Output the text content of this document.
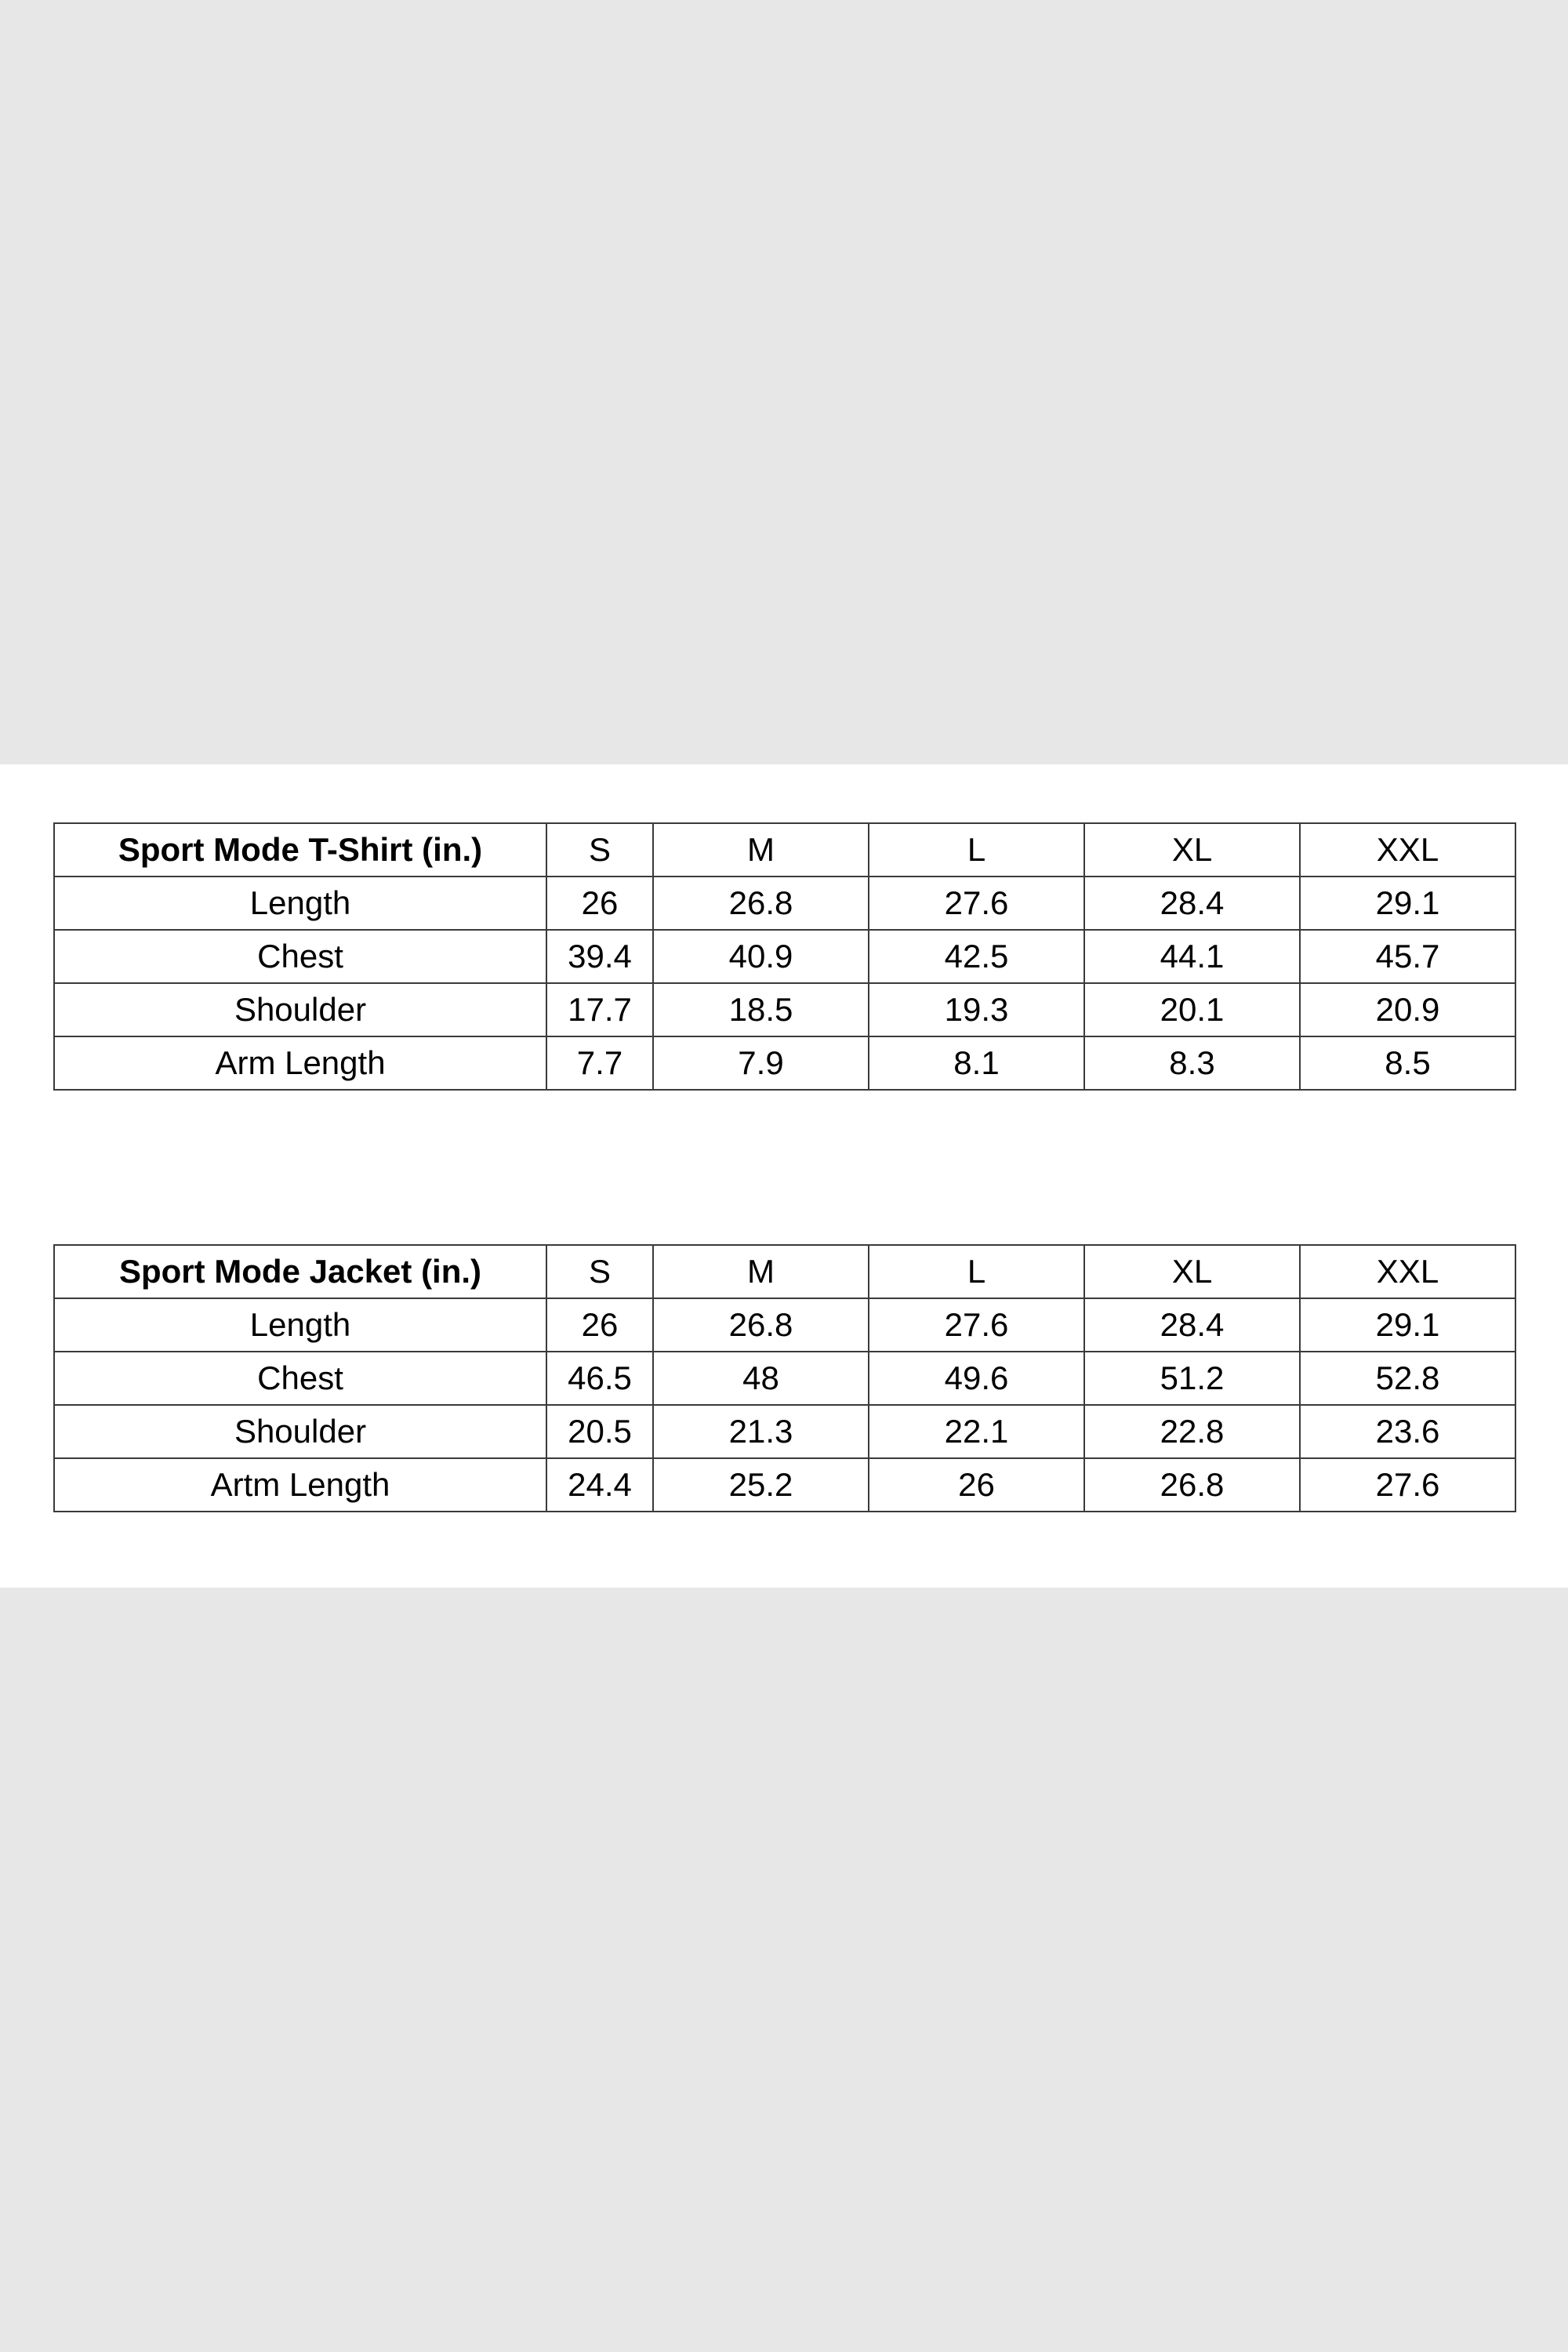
Sport Mode T-Shirt (in.)	S	M	L	XL	XXL
Length	26	26.8	27.6	28.4	29.1
Chest	39.4	40.9	42.5	44.1	45.7
Shoulder	17.7	18.5	19.3	20.1	20.9
Arm Length	7.7	7.9	8.1	8.3	8.5
Sport Mode Jacket (in.)	S	M	L	XL	XXL
Length	26	26.8	27.6	28.4	29.1
Chest	46.5	48	49.6	51.2	52.8
Shoulder	20.5	21.3	22.1	22.8	23.6
Artm Length	24.4	25.2	26	26.8	27.6
